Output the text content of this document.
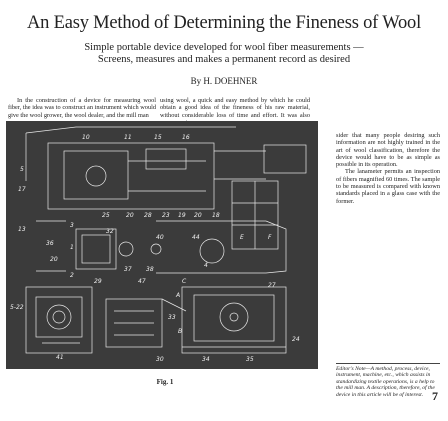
An Easy Method of Determining the Fineness of Wool
Simple portable device developed for wool fiber measurements —
Screens, measures and makes a permanent record as desired
By H. DOEHNER
In the construction of a device for measuring wool fiber, the idea was to construct an instrument which would give the wool grower, the wool dealer, and the mill man
using wool, a quick and easy method by which he could obtain a good idea of the fineness of his raw material, without considerable loss of time and effort. It was also

sider that many people desiring such information are not highly trained in the art of wool classification, therefore the device would have to be as simple as possible in its operation.

The lanameter permits an inspection of fibers magnified 60 times. The sample to be measured is compared with known standards placed in a glass case with the former.

10	11	15	16
25	20 28 23 19 20 18
17
13
5
40	44
4
32
37 38
36
20
3
1
2
29	47
41	30
33
34	35
A
C
B
27
E	F
24
5-22
Fig. 1
Editor's Note—A method, process, device, instrument, machine, etc., which assists in standardizing textile operations, is a help to the mill man. A description, therefore, of the device in this article will be of interest. 7
